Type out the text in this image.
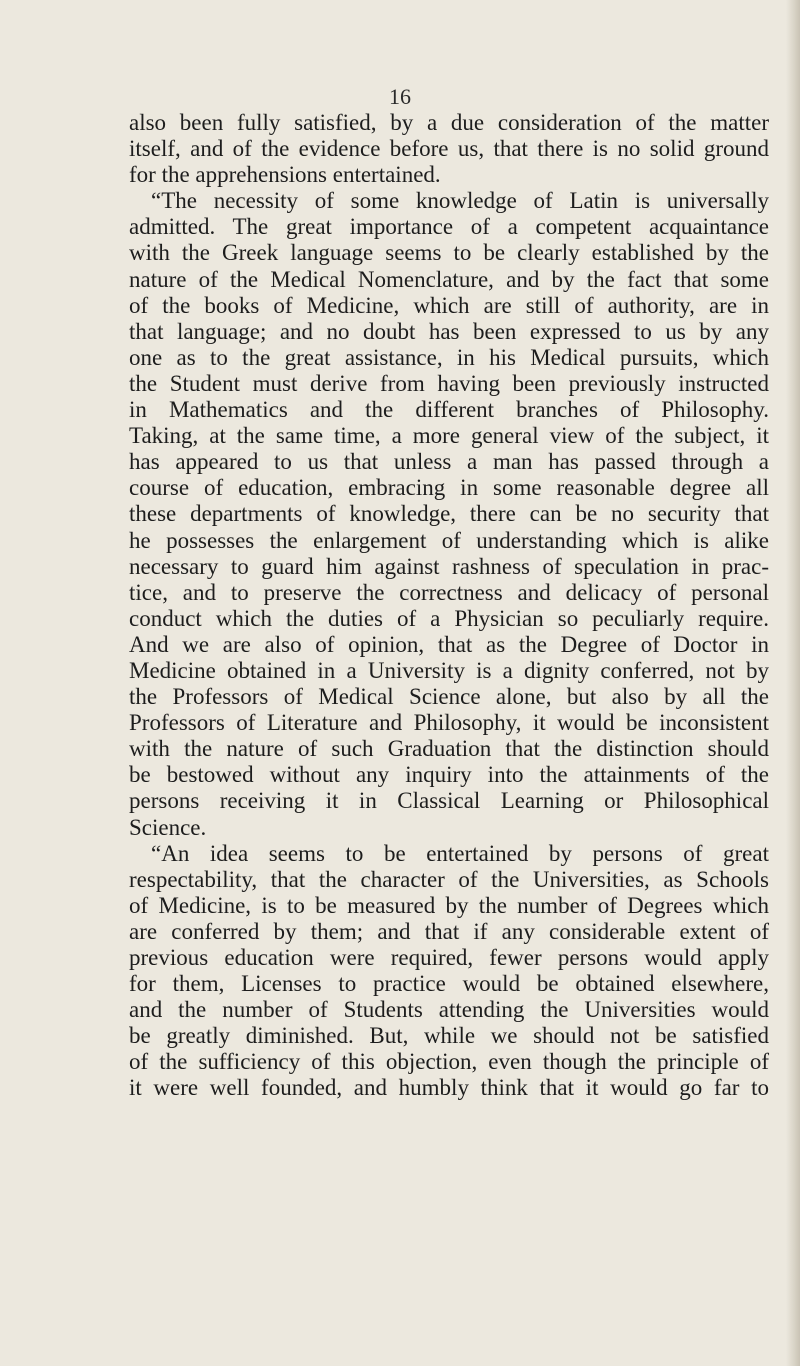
16

also been fully satisfied, by a due consideration of the matter
itself, and of the evidence before us, that there is no solid ground
for the apprehensions entertained.
“The necessity of some knowledge of Latin is universally
admitted. The great importance of a competent acquaintance
with the Greek language seems to be clearly established by the
nature of the Medical Nomenclature, and by the fact that some
of the books of Medicine, which are still of authority, are in
that language; and no doubt has been expressed to us by any
one as to the great assistance, in his Medical pursuits, which
the Student must derive from having been previously instructed
in Mathematics and the different branches of Philosophy.
Taking, at the same time, a more general view of the subject, it
has appeared to us that unless a man has passed through a
course of education, embracing in some reasonable degree all
these departments of knowledge, there can be no security that
he possesses the enlargement of understanding which is alike
necessary to guard him against rashness of speculation in prac-
tice, and to preserve the correctness and delicacy of personal
conduct which the duties of a Physician so peculiarly require.
And we are also of opinion, that as the Degree of Doctor in
Medicine obtained in a University is a dignity conferred, not by
the Professors of Medical Science alone, but also by all the
Professors of Literature and Philosophy, it would be inconsistent
with the nature of such Graduation that the distinction should
be bestowed without any inquiry into the attainments of the
persons receiving it in Classical Learning or Philosophical
Science.
“An idea seems to be entertained by persons of great
respectability, that the character of the Universities, as Schools
of Medicine, is to be measured by the number of Degrees which
are conferred by them; and that if any considerable extent of
previous education were required, fewer persons would apply
for them, Licenses to practice would be obtained elsewhere,
and the number of Students attending the Universities would
be greatly diminished. But, while we should not be satisfied
of the sufficiency of this objection, even though the principle of
it were well founded, and humbly think that it would go far to
